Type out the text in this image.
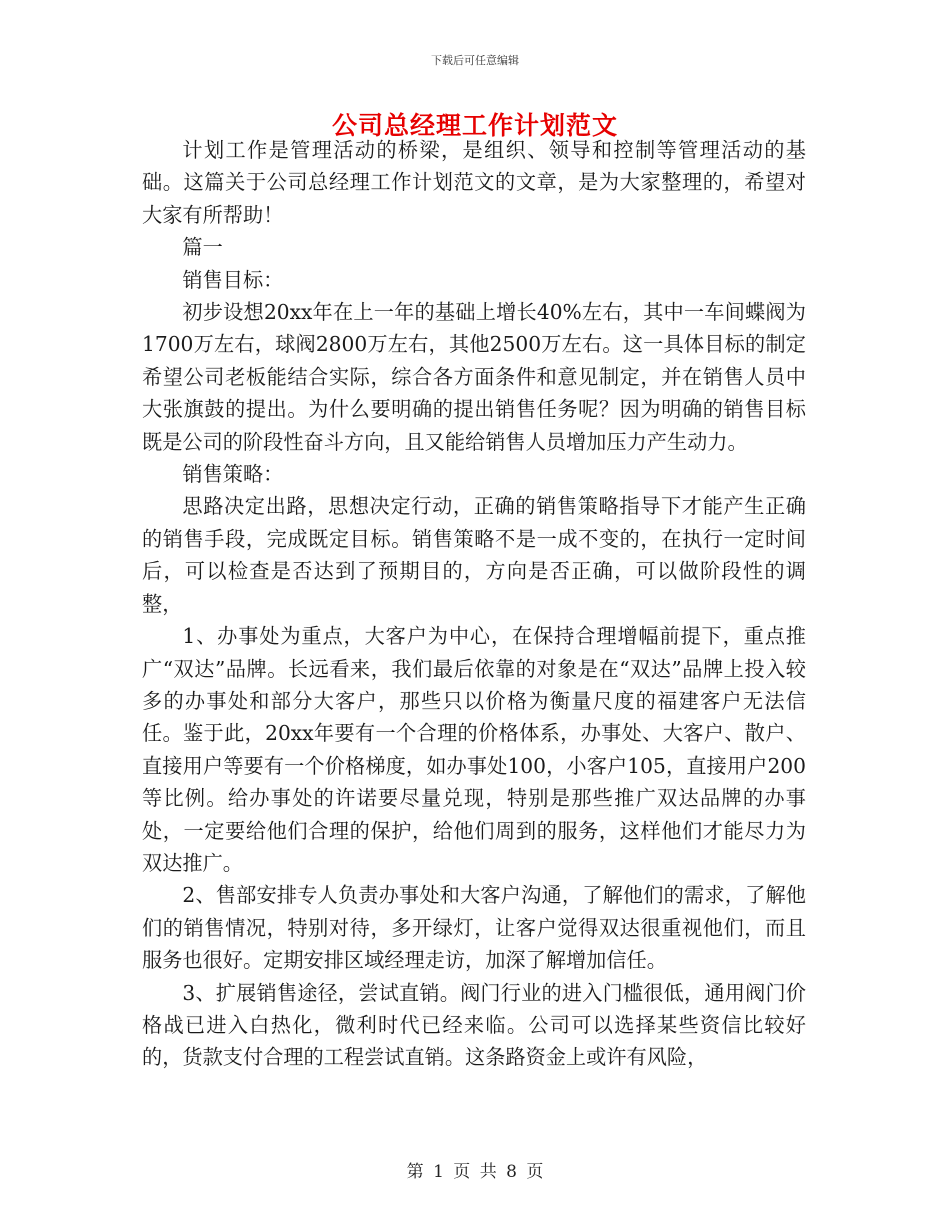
下载后可任意编辑
公司总经理工作计划范文

计划工作是管理活动的桥梁，是组织、领导和控制等管理活动的基础。这篇关于公司总经理工作计划范文的文章，是为大家整理的，希望对大家有所帮助！

篇一

销售目标：

初步设想20xx年在上一年的基础上增长40%左右，其中一车间蝶阀为1700万左右，球阀2800万左右，其他2500万左右。这一具体目标的制定希望公司老板能结合实际，综合各方面条件和意见制定，并在销售人员中大张旗鼓的提出。为什么要明确的提出销售任务呢？因为明确的销售目标既是公司的阶段性奋斗方向，且又能给销售人员增加压力产生动力。

销售策略：

思路决定出路，思想决定行动，正确的销售策略指导下才能产生正确的销售手段，完成既定目标。销售策略不是一成不变的，在执行一定时间后，可以检查是否达到了预期目的，方向是否正确，可以做阶段性的调整，

1、办事处为重点，大客户为中心，在保持合理增幅前提下，重点推广“双达”品牌。长远看来，我们最后依靠的对象是在“双达”品牌上投入较多的办事处和部分大客户，那些只以价格为衡量尺度的福建客户无法信任。鉴于此，20xx年要有一个合理的价格体系，办事处、大客户、散户、直接用户等要有一个价格梯度，如办事处100，小客户105，直接用户200等比例。给办事处的许诺要尽量兑现，特别是那些推广双达品牌的办事处，一定要给他们合理的保护，给他们周到的服务，这样他们才能尽力为双达推广。

2、售部安排专人负责办事处和大客户沟通，了解他们的需求，了解他们的销售情况，特别对待，多开绿灯，让客户觉得双达很重视他们，而且服务也很好。定期安排区域经理走访，加深了解增加信任。

3、扩展销售途径，尝试直销。阀门行业的进入门槛很低，通用阀门价格战已进入白热化，微利时代已经来临。公司可以选择某些资信比较好的，货款支付合理的工程尝试直销。这条路资金上或许有风险，

第 1 页 共 8 页
